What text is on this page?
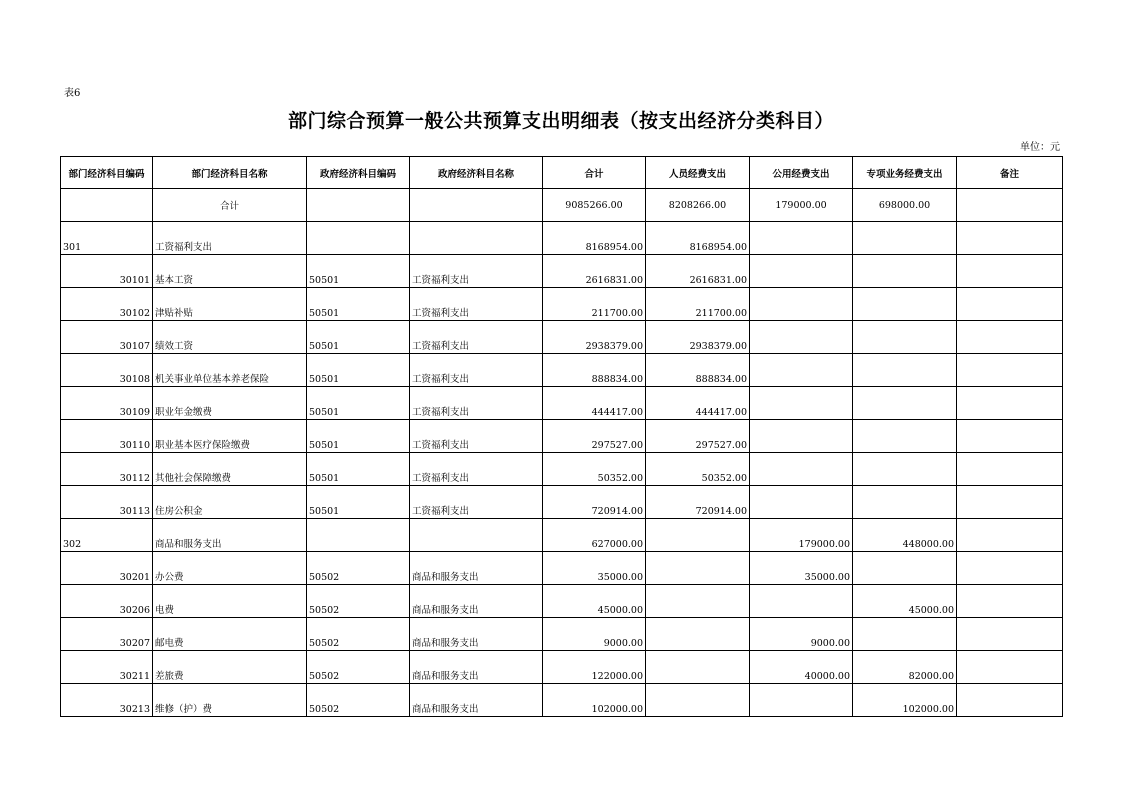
表6
部门综合预算一般公共预算支出明细表（按支出经济分类科目）
单位：元
部门经济科目编码	部门经济科目名称	政府经济科目编码	政府经济科目名称	合计	人员经费支出	公用经费支出	专项业务经费支出	备注
	合计			9085266.00	8208266.00	179000.00	698000.00	
301	工资福利支出			8168954.00	8168954.00			
30101	基本工资	50501	工资福利支出	2616831.00	2616831.00			
30102	津贴补贴	50501	工资福利支出	211700.00	211700.00			
30107	绩效工资	50501	工资福利支出	2938379.00	2938379.00			
30108	机关事业单位基本养老保险	50501	工资福利支出	888834.00	888834.00			
30109	职业年金缴费	50501	工资福利支出	444417.00	444417.00			
30110	职业基本医疗保险缴费	50501	工资福利支出	297527.00	297527.00			
30112	其他社会保障缴费	50501	工资福利支出	50352.00	50352.00			
30113	住房公积金	50501	工资福利支出	720914.00	720914.00			
302	商品和服务支出			627000.00		179000.00	448000.00	
30201	办公费	50502	商品和服务支出	35000.00		35000.00		
30206	电费	50502	商品和服务支出	45000.00			45000.00	
30207	邮电费	50502	商品和服务支出	9000.00		9000.00		
30211	差旅费	50502	商品和服务支出	122000.00		40000.00	82000.00	
30213	维修（护）费	50502	商品和服务支出	102000.00			102000.00	
